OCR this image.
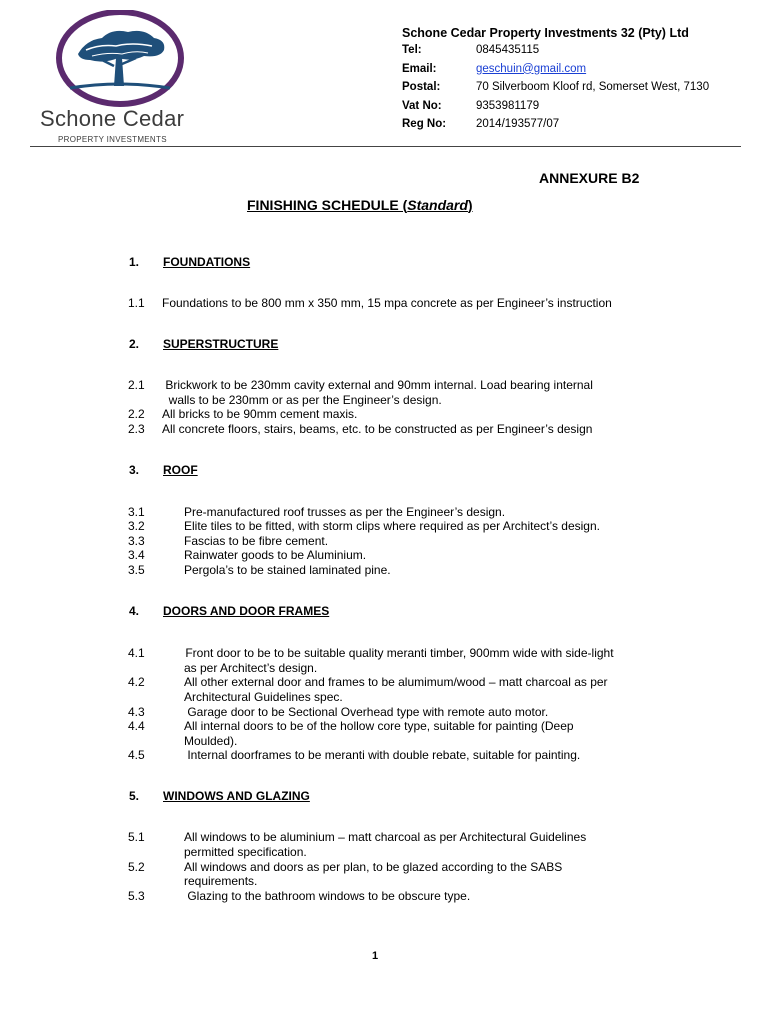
Schone Cedar
PROPERTY INVESTMENTS
Schone Cedar Property Investments 32 (Pty) Ltd
Tel:	0845435115
Email:	geschuin@gmail.com
Postal:	70 Silverboom Kloof rd, Somerset West, 7130
Vat No:	9353981179
Reg No:	2014/193577/07
ANNEXURE B2
FINISHING SCHEDULE (Standard)
1. FOUNDATIONS
1.1	Foundations to be 800 mm x 350 mm, 15 mpa concrete as per Engineer’s instruction
2. SUPERSTRUCTURE
2.1	Brickwork to be 230mm cavity external and 90mm internal. Load bearing internal
walls to be 230mm or as per the Engineer’s design.
2.2	All bricks to be 90mm cement maxis.
2.3	All concrete floors, stairs, beams, etc. to be constructed as per Engineer’s design
3. ROOF
3.1	Pre-manufactured roof trusses as per the Engineer’s design.
3.2	Elite tiles to be fitted, with storm clips where required as per Architect’s design.
3.3	Fascias to be fibre cement.
3.4	Rainwater goods to be Aluminium.
3.5	Pergola’s to be stained laminated pine.
4. DOORS AND DOOR FRAMES
4.1	Front door to be to be suitable quality meranti timber, 900mm wide with side-light
as per Architect’s design.
4.2	All other external door and frames to be alumimum/wood – matt charcoal as per
Architectural Guidelines spec.
4.3	Garage door to be Sectional Overhead type with remote auto motor.
4.4	All internal doors to be of the hollow core type, suitable for painting (Deep
Moulded).
4.5	Internal doorframes to be meranti with double rebate, suitable for painting.
5. WINDOWS AND GLAZING
5.1	All windows to be aluminium – matt charcoal as per Architectural Guidelines
permitted specification.
5.2	All windows and doors as per plan, to be glazed according to the SABS
requirements.
5.3	Glazing to the bathroom windows to be obscure type.
1
